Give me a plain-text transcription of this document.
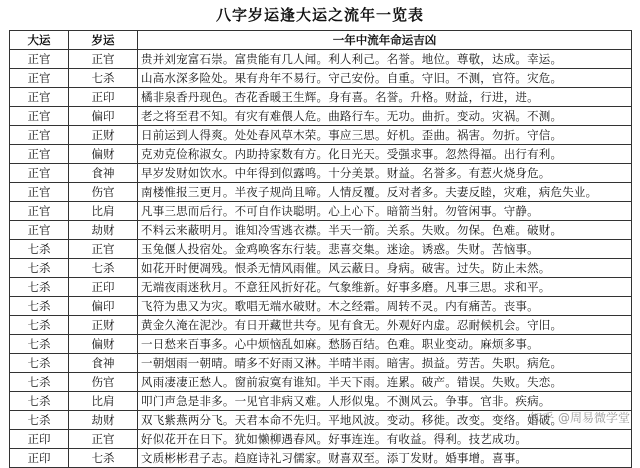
八字岁运逢大运之流年一览表
大运	岁运	一年中流年命运吉凶
正官	正官	贵并刘宠富石崇。富贵能有几人闻。利人利己。名誉。地位。尊敬，达成。幸运。
正官	七杀	山高水深多险处。果有舟年不易行。守己安份。自重。守旧。不测，官符。灾危。
正官	正印	橘非泉香丹现色。杏花香暖王生辉。身有喜。名誉。升格。财益，行进，进。
正官	偏印	老之将至君不知。有灾有难偎人危。曲路行车。无功。曲折。变动。灾祸。不测。
正官	正财	日前运到人得爽。处处春风草木荣。事应三思。好机。歪曲。祸害。勿折。守信。
正官	偏财	克劝克俭称淑女。内助持家数有方。化日光天。受强求事。忽然得福。出行有利。
正官	食神	早岁发财如饮水。中年得到似露鸣。十分美景。财益。名誉多。有惹火烧身危。
正官	伤官	南楼惟报三更月。半夜子规尚且啼。人情反覆。反对者多。夫妻反睦，灾难，病危失业。
正官	比肩	凡事三思而后行。不可自作诀聪明。心上心下。暗箭当射。勿管闲事。守静。
正官	劫财	不料云来蔽明月。谁知冷雪逃衣襟。半天一箭。关系。失败。勿保。色难。破财。
七杀	正官	玉兔偃人投宿处。金鸡唤客东行装。悲喜交集。迷途。诱惑。失财。苦恼事。
七杀	七杀	如花开时便凋残。恨杀无情风雨催。风云蔽日。身病。破害。过失。防止未然。
七杀	正印	无端夜雨迷秋月。不意狂风折好花。气象维新。好事多磨。凡事三思。求和平。
七杀	偏印	飞符为患又为灾。歌唱无端水破财。木之经霜。周转不灵。内有痛苦。丧事。
七杀	正财	黄金久淹在泥沙。有日开藏世共夸。见有食无。外观好内虚。忍耐候机会。守旧。
七杀	偏财	一日愁来百事多。心中烦恼乱如麻。愁肠百结。色难。职业变动。麻烦多事。
七杀	食神	一朝烟雨一朝晴。晴多不好雨又淋。半晴半雨。暗害。损益。劳苦。失职。病危。
七杀	伤官	风雨凄凄正愁人。窗前寂寞有谁知。半天下雨。连累。破产。错误。失败。失恋。
七杀	比肩	叩门声急是非多。一见官非病又难。人形似鬼。不测风云。争事。官非。疾病。
七杀	劫财	双飞紫燕两分飞。天君本命不先归。平地风波。变动。移徙。改变。变络。婚破。
正印	正官	好似花开在日下。犹如懒柳遇春风。好事连连。有收益。得利。技艺成功。
正印	七杀	文质彬彬君子志。趋庭诗礼习儒家。财喜双至。添丁发财。婚事增。喜事。
知乎 @周易微学堂
